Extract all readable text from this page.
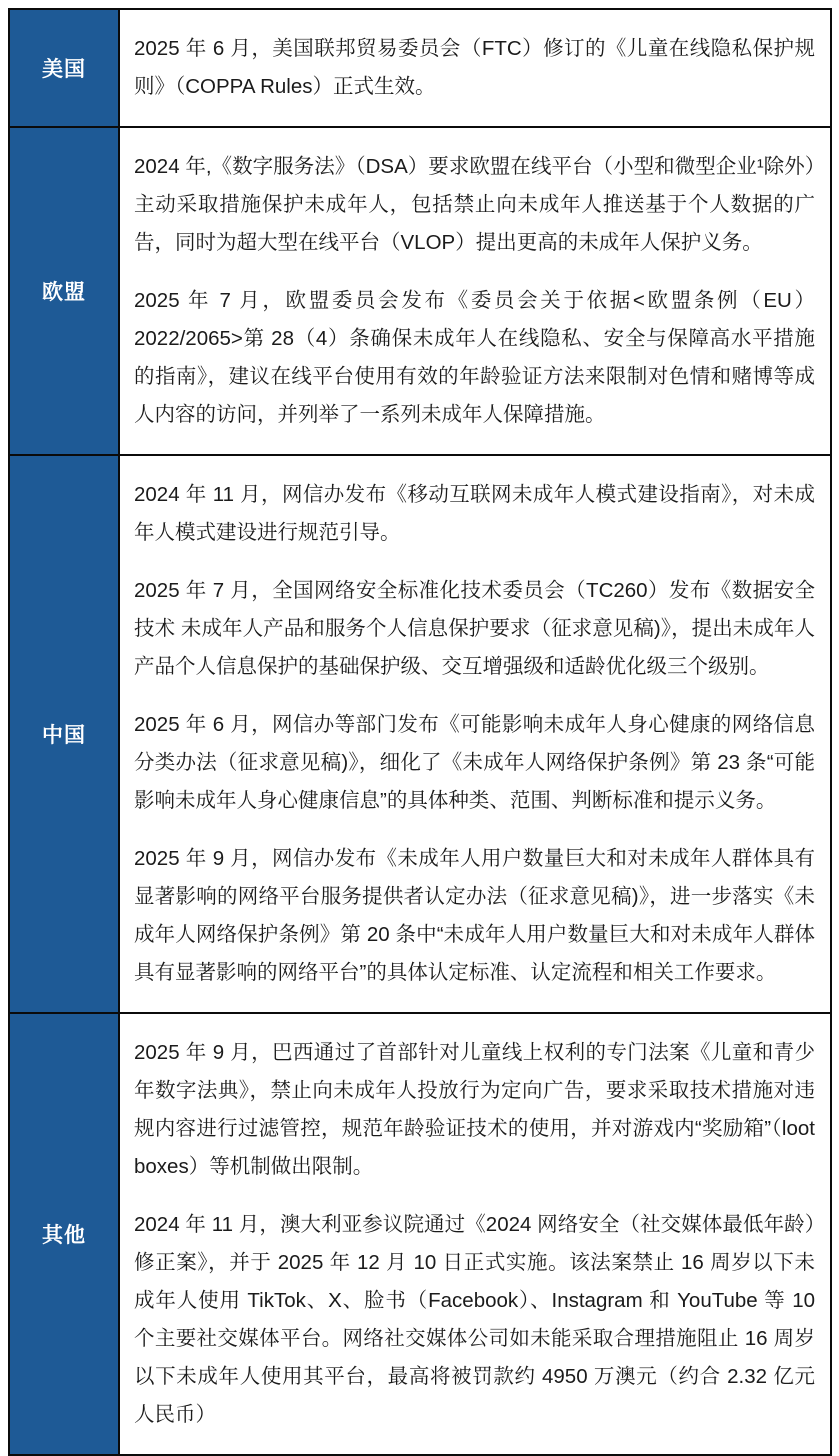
美国	2025 年 6 月，美国联邦贸易委员会（FTC）修订的《儿童在线隐私保护规则》（COPPA Rules）正式生效。

欧盟	2024 年,《数字服务法》（DSA）要求欧盟在线平台（小型和微型企业¹除外）主动采取措施保护未成年人，包括禁止向未成年人推送基于个人数据的广告，同时为超大型在线平台（VLOP）提出更高的未成年人保护义务。

2025 年 7 月，欧盟委员会发布《委员会关于依据<欧盟条例（EU）2022/2065>第 28（4）条确保未成年人在线隐私、安全与保障高水平措施的指南》，建议在线平台使用有效的年龄验证方法来限制对色情和赌博等成人内容的访问，并列举了一系列未成年人保障措施。

中国	2024 年 11 月，网信办发布《移动互联网未成年人模式建设指南》，对未成年人模式建设进行规范引导。

2025 年 7 月，全国网络安全标准化技术委员会（TC260）发布《数据安全技术 未成年人产品和服务个人信息保护要求（征求意见稿)》，提出未成年人产品个人信息保护的基础保护级、交互增强级和适龄优化级三个级别。

2025 年 6 月，网信办等部门发布《可能影响未成年人身心健康的网络信息分类办法（征求意见稿)》，细化了《未成年人网络保护条例》第 23 条“可能影响未成年人身心健康信息”的具体种类、范围、判断标准和提示义务。

2025 年 9 月，网信办发布《未成年人用户数量巨大和对未成年人群体具有显著影响的网络平台服务提供者认定办法（征求意见稿)》，进一步落实《未成年人网络保护条例》第 20 条中“未成年人用户数量巨大和对未成年人群体具有显著影响的网络平台”的具体认定标准、认定流程和相关工作要求。

其他	2025 年 9 月，巴西通过了首部针对儿童线上权利的专门法案《儿童和青少年数字法典》，禁止向未成年人投放行为定向广告，要求采取技术措施对违规内容进行过滤管控，规范年龄验证技术的使用，并对游戏内“奖励箱”（loot boxes）等机制做出限制。

2024 年 11 月，澳大利亚参议院通过《2024 网络安全（社交媒体最低年龄）修正案》，并于 2025 年 12 月 10 日正式实施。该法案禁止 16 周岁以下未成年人使用 TikTok、X、脸书（Facebook）、Instagram 和 YouTube 等 10 个主要社交媒体平台。网络社交媒体公司如未能采取合理措施阻止 16 周岁以下未成年人使用其平台，最高将被罚款约 4950 万澳元（约合 2.32 亿元人民币）
